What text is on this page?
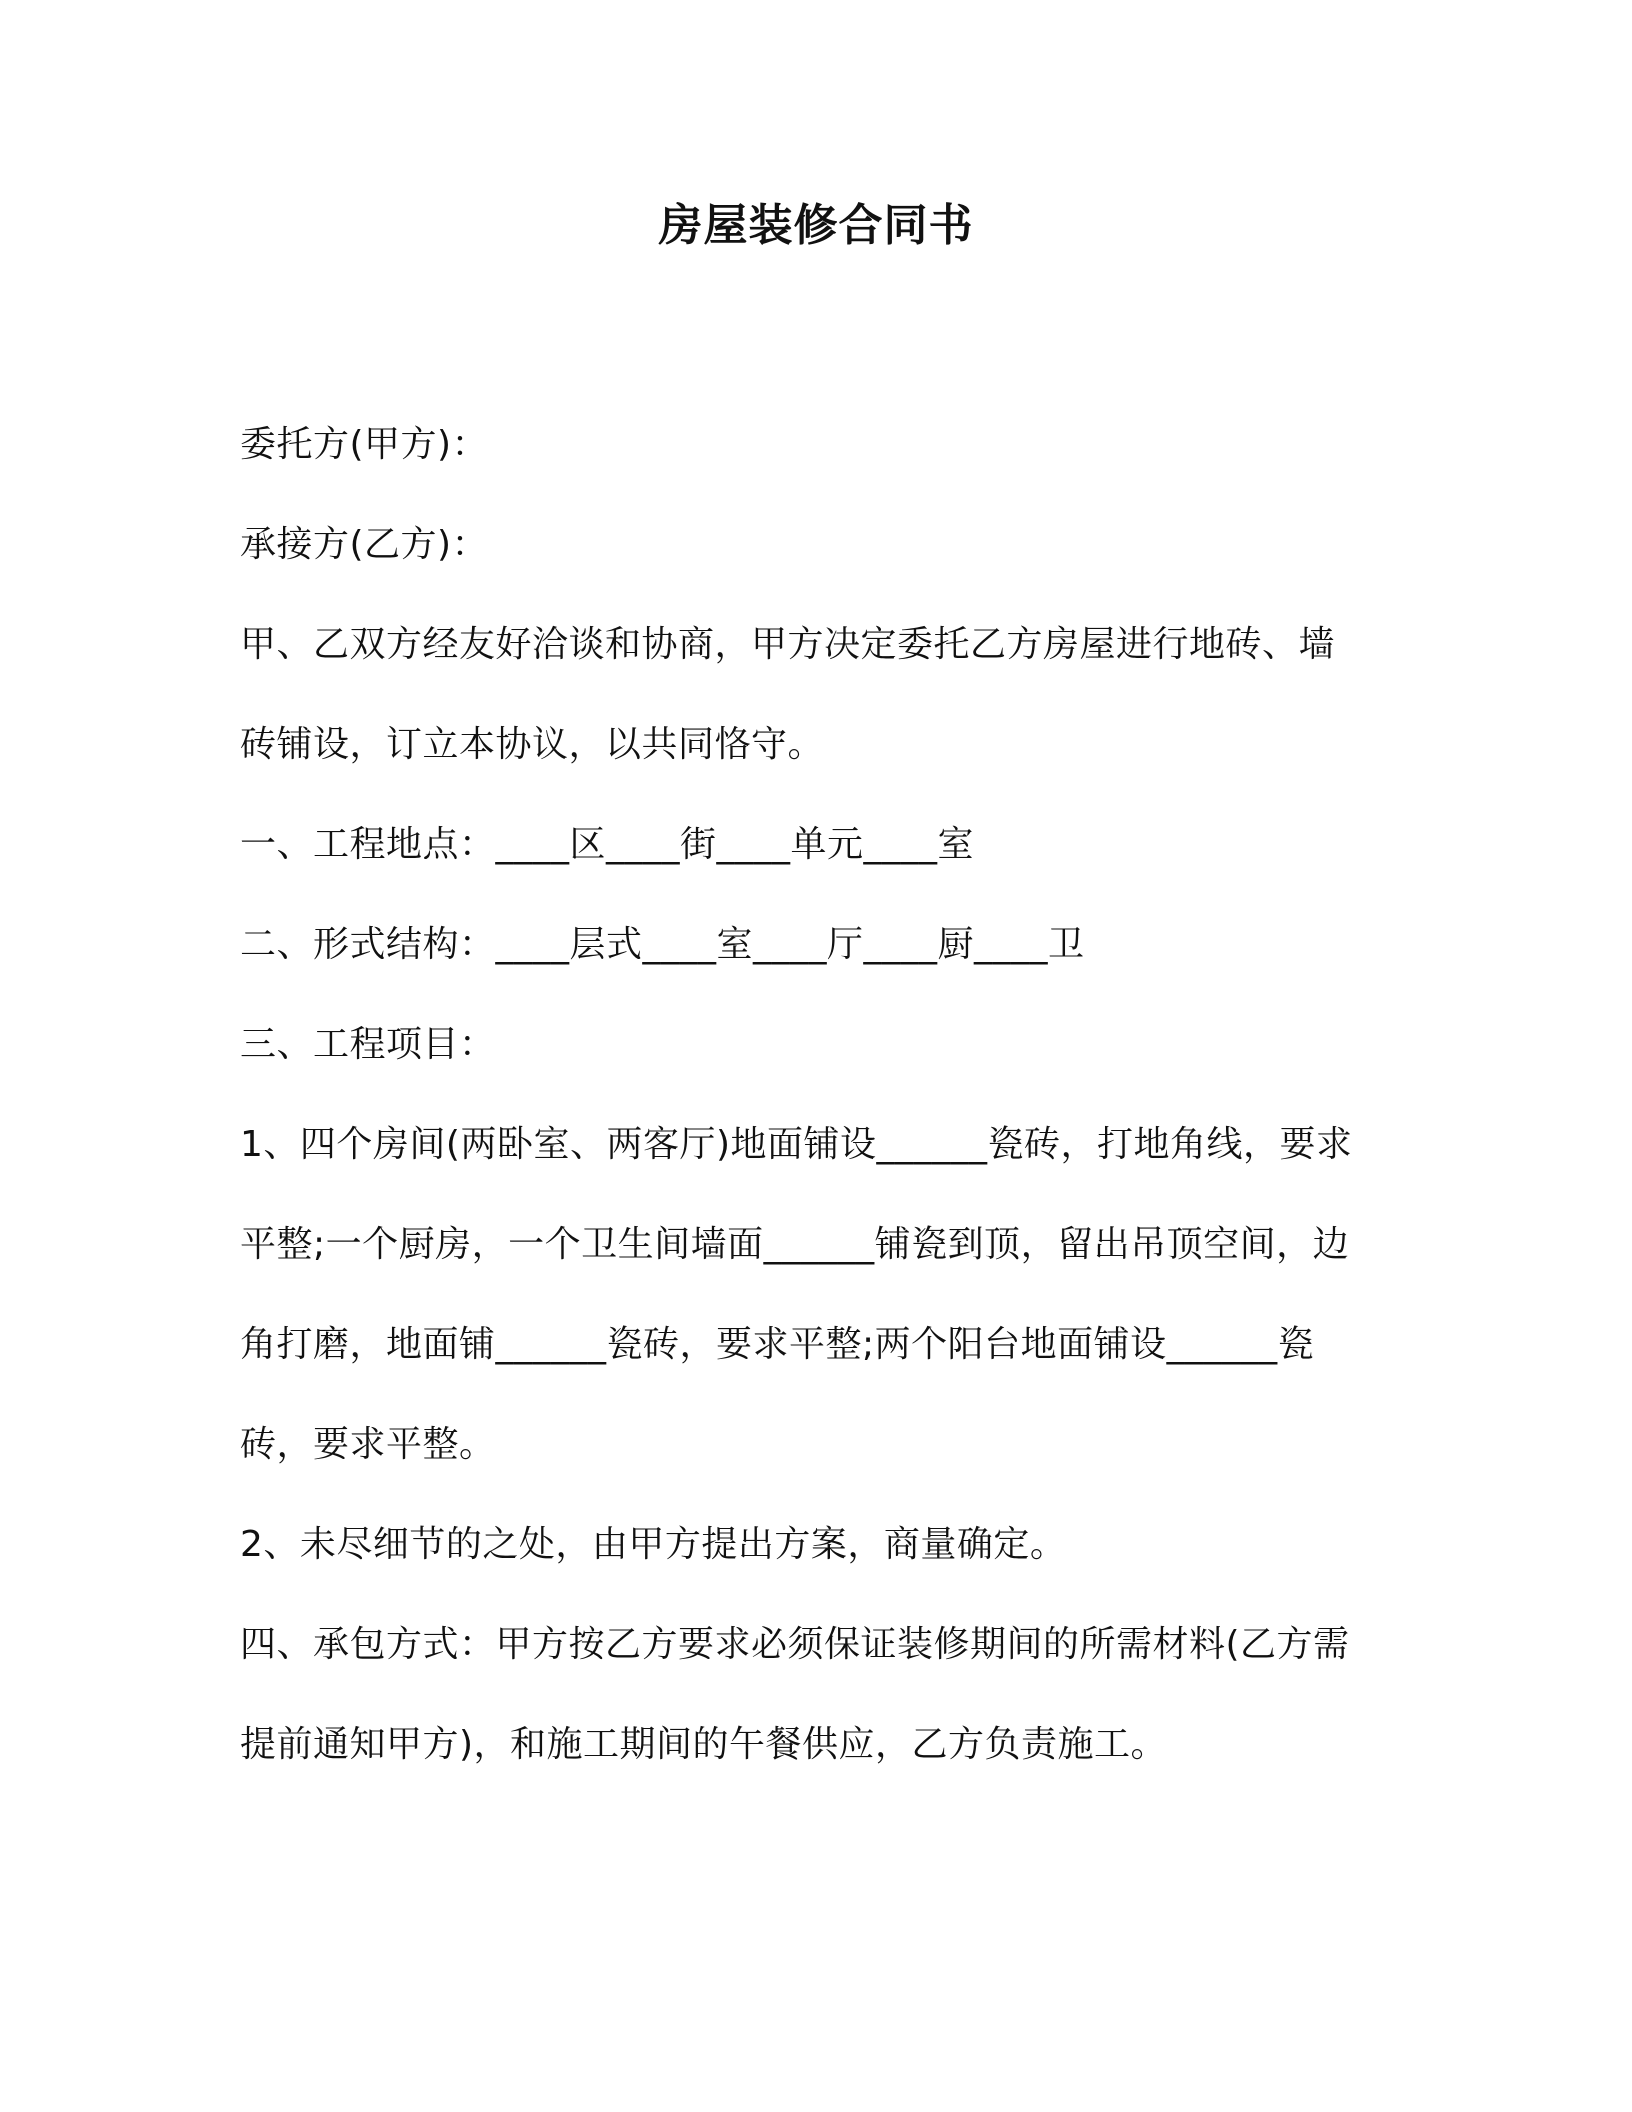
房屋装修合同书
委托方(甲方)：
承接方(乙方)：
甲、乙双方经友好洽谈和协商，甲方决定委托乙方房屋进行地砖、墙
砖铺设，订立本协议，以共同恪守。
一、工程地点：____区____街____单元____室
二、形式结构：____层式____室____厅____厨____卫
三、工程项目：
1、四个房间(两卧室、两客厅)地面铺设______瓷砖，打地角线，要求
平整;一个厨房，一个卫生间墙面______铺瓷到顶，留出吊顶空间，边
角打磨，地面铺______瓷砖，要求平整;两个阳台地面铺设______瓷
砖，要求平整。
2、未尽细节的之处，由甲方提出方案，商量确定。
四、承包方式：甲方按乙方要求必须保证装修期间的所需材料(乙方需
提前通知甲方)，和施工期间的午餐供应，乙方负责施工。
